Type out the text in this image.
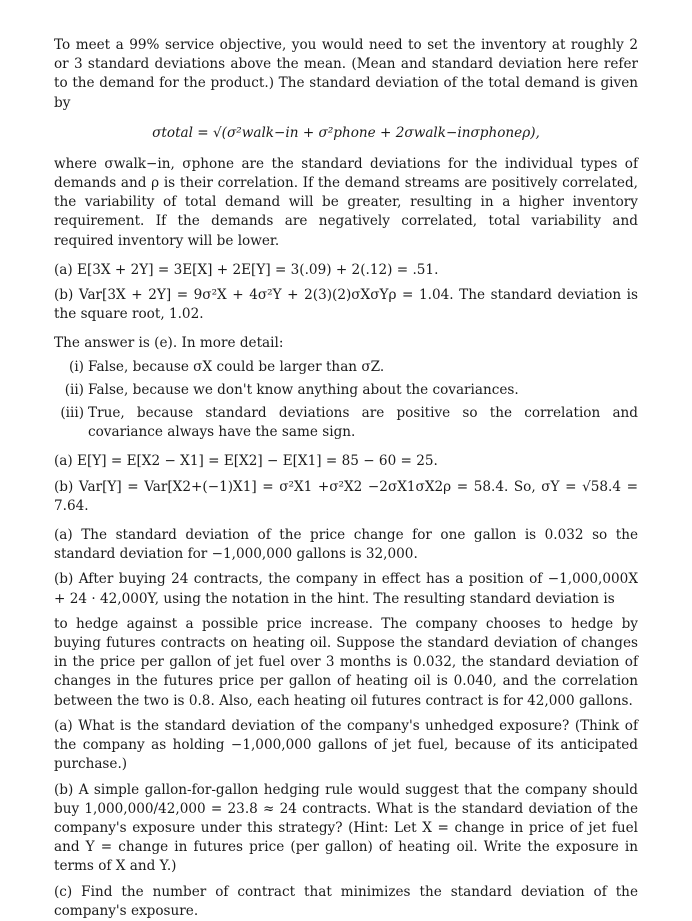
To meet a 99% service objective, you would need to set the inventory at roughly 2 or 3 standard deviations above the mean. (Mean and standard deviation here refer to the demand for the product.) The standard deviation of the total demand is given by

σtotal = √(σ²walk−in + σ²phone + 2σwalk−inσphoneρ),

where σwalk−in, σphone are the standard deviations for the individual types of demands and ρ is their correlation. If the demand streams are positively correlated, the variability of total demand will be greater, resulting in a higher inventory requirement. If the demands are negatively correlated, total variability and required inventory will be lower.

(a) E[3X + 2Y] = 3E[X] + 2E[Y] = 3(.09) + 2(.12) = .51.

(b) Var[3X + 2Y] = 9σ²X + 4σ²Y + 2(3)(2)σXσYρ = 1.04. The standard deviation is the square root, 1.02.

The answer is (e). In more detail:

(i) False, because σX could be larger than σZ.
(ii) False, because we don't know anything about the covariances.
(iii) True, because standard deviations are positive so the correlation and covariance always have the same sign.

(a) E[Y] = E[X2 − X1] = E[X2] − E[X1] = 85 − 60 = 25.

(b) Var[Y] = Var[X2+(−1)X1] = σ²X1 +σ²X2 −2σX1σX2ρ = 58.4. So, σY = √58.4 = 7.64.

(a) The standard deviation of the price change for one gallon is 0.032 so the standard deviation for −1,000,000 gallons is 32,000.

(b) After buying 24 contracts, the company in effect has a position of −1,000,000X + 24 · 42,000Y, using the notation in the hint. The resulting standard deviation is

to hedge against a possible price increase. The company chooses to hedge by buying futures contracts on heating oil. Suppose the standard deviation of changes in the price per gallon of jet fuel over 3 months is 0.032, the standard deviation of changes in the futures price per gallon of heating oil is 0.040, and the correlation between the two is 0.8. Also, each heating oil futures contract is for 42,000 gallons.

(a) What is the standard deviation of the company's unhedged exposure? (Think of the company as holding −1,000,000 gallons of jet fuel, because of its anticipated purchase.)

(b) A simple gallon-for-gallon hedging rule would suggest that the company should buy 1,000,000/42,000 = 23.8 ≈ 24 contracts. What is the standard deviation of the company's exposure under this strategy? (Hint: Let X = change in price of jet fuel and Y = change in futures price (per gallon) of heating oil. Write the exposure in terms of X and Y.)

(c) Find the number of contract that minimizes the standard deviation of the company's exposure.
